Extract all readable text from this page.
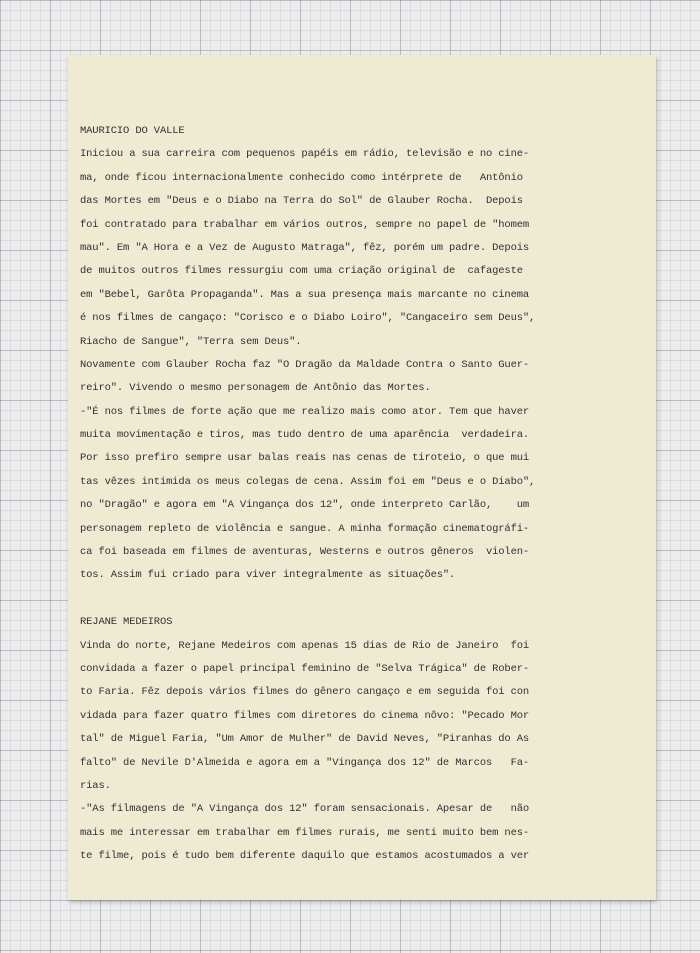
MAURICIO DO VALLE
Iniciou a sua carreira com pequenos papéis em rádio, televisão e no cine-
ma, onde ficou internacionalmente conhecido como intérprete de   Antônio
das Mortes em "Deus e o Diabo na Terra do Sol" de Glauber Rocha.  Depois
foi contratado para trabalhar em vários outros, sempre no papel de "homem
mau". Em "A Hora e a Vez de Augusto Matraga", fêz, porém um padre. Depois
de muitos outros filmes ressurgiu com uma criação original de  cafageste
em "Bebel, Garôta Propaganda". Mas a sua presença mais marcante no cinema
é nos filmes de cangaço: "Corisco e o Diabo Loiro", "Cangaceiro sem Deus",
Riacho de Sangue", "Terra sem Deus".
Novamente com Glauber Rocha faz "O Dragão da Maldade Contra o Santo Guer-
reiro". Vivendo o mesmo personagem de Antônio das Mortes.
-"É nos filmes de forte ação que me realizo mais como ator. Tem que haver
muita movimentação e tiros, mas tudo dentro de uma aparência  verdadeira.
Por isso prefiro sempre usar balas reais nas cenas de tiroteio, o que mui
tas vêzes intimida os meus colegas de cena. Assim foi em "Deus e o Diabo",
no "Dragão" e agora em "A Vingança dos 12", onde interpreto Carlão,    um
personagem repleto de violência e sangue. A minha formação cinematográfi-
ca foi baseada em filmes de aventuras, Westerns e outros gêneros  violen-
tos. Assim fui criado para viver integralmente as situações".
REJANE MEDEIROS
Vinda do norte, Rejane Medeiros com apenas 15 dias de Rio de Janeiro  foi
convidada a fazer o papel principal feminino de "Selva Trágica" de Rober-
to Faria. Fêz depois vários filmes do gênero cangaço e em seguida foi con
vidada para fazer quatro filmes com diretores do cinema nôvo: "Pecado Mor
tal" de Miguel Faria, "Um Amor de Mulher" de David Neves, "Piranhas do As
falto" de Nevile D'Almeida e agora em a "Vingança dos 12" de Marcos   Fa-
rias.
-"As filmagens de "A Vingança dos 12" foram sensacionais. Apesar de   não
mais me interessar em trabalhar em filmes rurais, me senti muito bem nes-
te filme, pois é tudo bem diferente daquilo que estamos acostumados a ver
